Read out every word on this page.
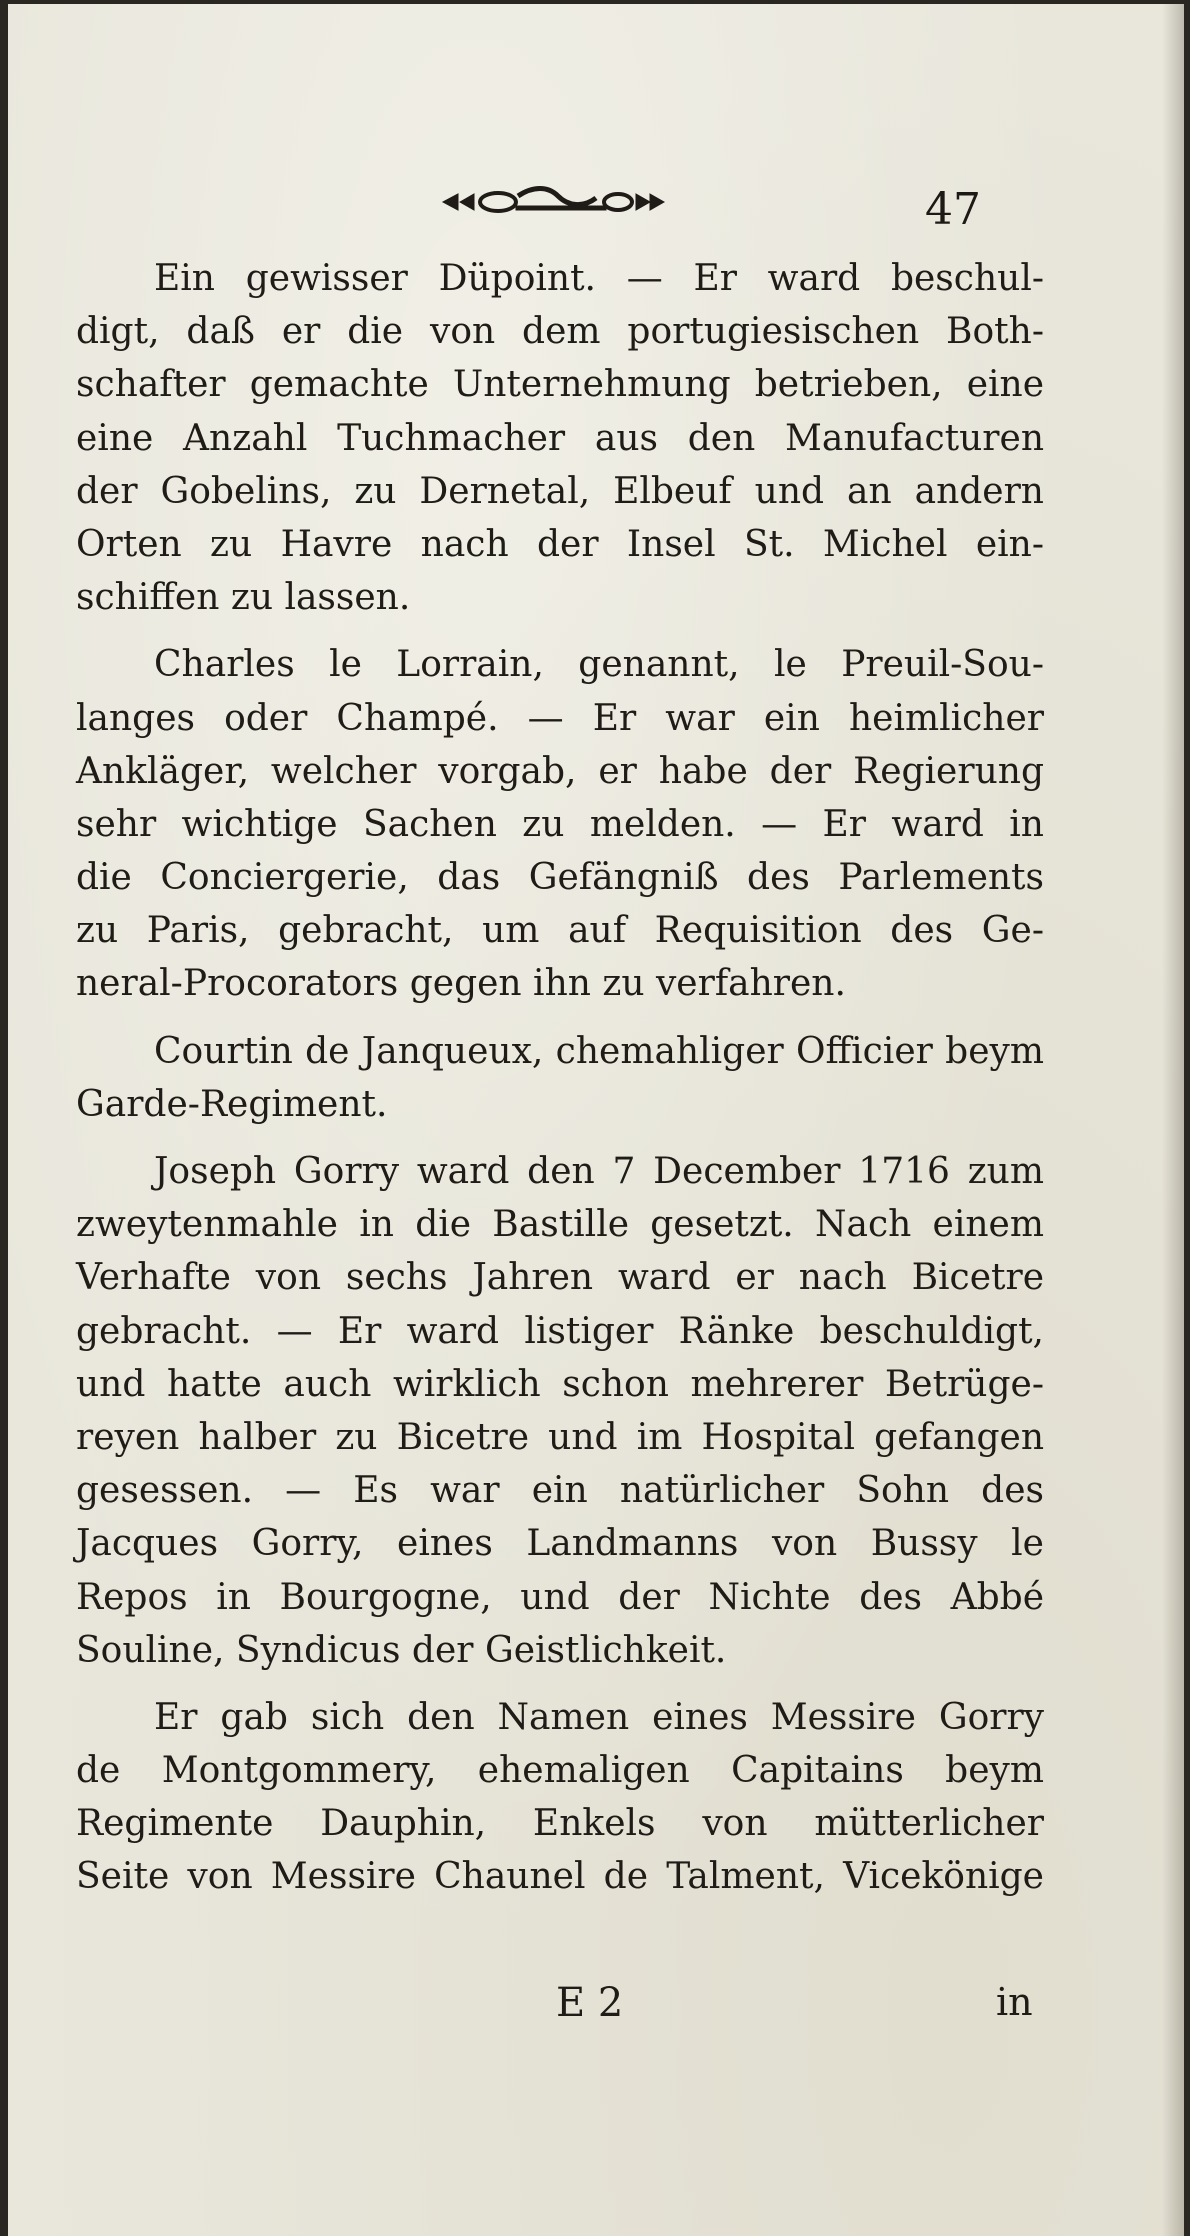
47
Ein gewisser Düpoint. — Er ward beschul-
digt, daß er die von dem portugiesischen Both-
schafter gemachte Unternehmung betrieben, eine
eine Anzahl Tuchmacher aus den Manufacturen
der Gobelins, zu Dernetal, Elbeuf und an andern
Orten zu Havre nach der Insel St. Michel ein-
schiffen zu lassen.
Charles le Lorrain, genannt, le Preuil-Sou-
langes oder Champé. — Er war ein heimlicher
Ankläger, welcher vorgab, er habe der Regierung
sehr wichtige Sachen zu melden. — Er ward in
die Conciergerie, das Gefängniß des Parlements
zu Paris, gebracht, um auf Requisition des Ge-
neral-Procorators gegen ihn zu verfahren.
Courtin de Janqueux, chemahliger Officier beym
Garde-Regiment.
Joseph Gorry ward den 7 December 1716 zum
zweytenmahle in die Bastille gesetzt. Nach einem
Verhafte von sechs Jahren ward er nach Bicetre
gebracht. — Er ward listiger Ränke beschuldigt,
und hatte auch wirklich schon mehrerer Betrüge-
reyen halber zu Bicetre und im Hospital gefangen
gesessen. — Es war ein natürlicher Sohn des
Jacques Gorry, eines Landmanns von Bussy le
Repos in Bourgogne, und der Nichte des Abbé
Souline, Syndicus der Geistlichkeit.
Er gab sich den Namen eines Messire Gorry
de Montgommery, ehemaligen Capitains beym
Regimente Dauphin, Enkels von mütterlicher
Seite von Messire Chaunel de Talment, Vicekönige
E 2	in
